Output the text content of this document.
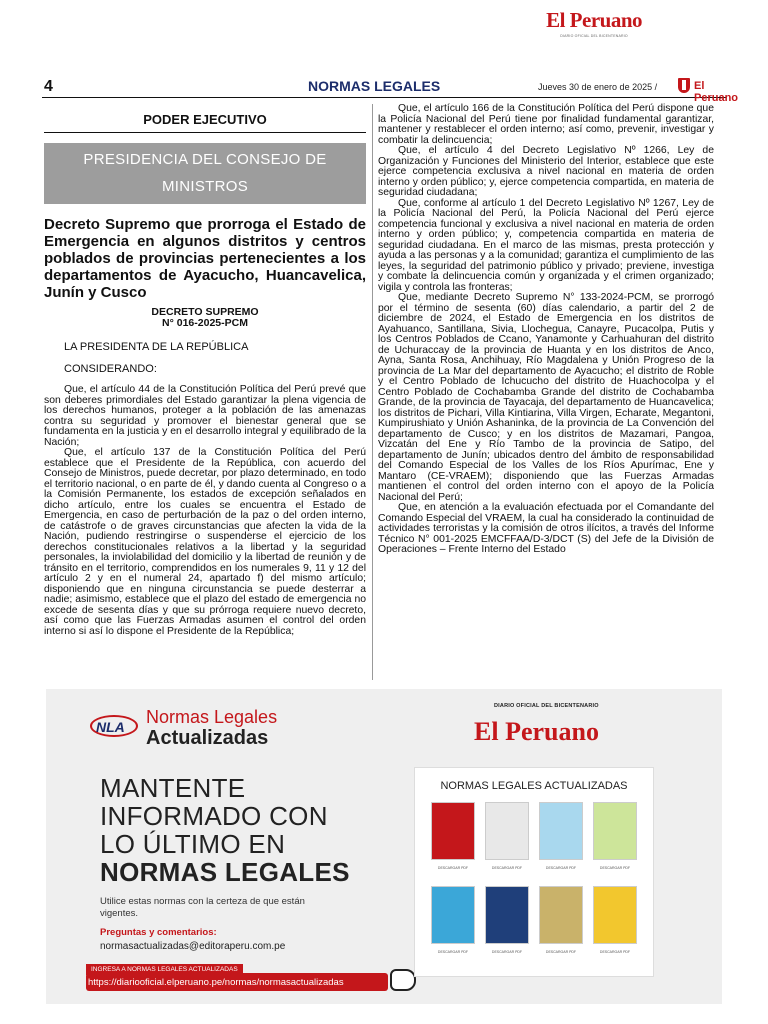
El Peruano
DIARIO OFICIAL DEL BICENTENARIO
4	NORMAS LEGALES	Jueves 30 de enero de 2025 /	El Peruano
PODER EJECUTIVO
PRESIDENCIA DEL CONSEJO DE MINISTROS
Decreto Supremo que prorroga el Estado de Emergencia en algunos distritos y centros poblados de provincias pertenecientes a los departamentos de Ayacucho, Huancavelica, Junín y Cusco
DECRETO SUPREMO
N° 016-2025-PCM
LA PRESIDENTA DE LA REPÚBLICA
CONSIDERANDO:

Que, el artículo 44 de la Constitución Política del Perú prevé que son deberes primordiales del Estado garantizar la plena vigencia de los derechos humanos, proteger a la población de las amenazas contra su seguridad y promover el bienestar general que se fundamenta en la justicia y en el desarrollo integral y equilibrado de la Nación;

Que, el artículo 137 de la Constitución Política del Perú establece que el Presidente de la República, con acuerdo del Consejo de Ministros, puede decretar, por plazo determinado, en todo el territorio nacional, o en parte de él, y dando cuenta al Congreso o a la Comisión Permanente, los estados de excepción señalados en dicho artículo, entre los cuales se encuentra el Estado de Emergencia, en caso de perturbación de la paz o del orden interno, de catástrofe o de graves circunstancias que afecten la vida de la Nación, pudiendo restringirse o suspenderse el ejercicio de los derechos constitucionales relativos a la libertad y la seguridad personales, la inviolabilidad del domicilio y la libertad de reunión y de tránsito en el territorio, comprendidos en los numerales 9, 11 y 12 del artículo 2 y en el numeral 24, apartado f) del mismo artículo; disponiendo que en ninguna circunstancia se puede desterrar a nadie; asimismo, establece que el plazo del estado de emergencia no excede de sesenta días y que su prórroga requiere nuevo decreto, así como que las Fuerzas Armadas asumen el control del orden interno si así lo dispone el Presidente de la República;

Que, el artículo 166 de la Constitución Política del Perú dispone que la Policía Nacional del Perú tiene por finalidad fundamental garantizar, mantener y restablecer el orden interno; así como, prevenir, investigar y combatir la delincuencia;

Que, el artículo 4 del Decreto Legislativo Nº 1266, Ley de Organización y Funciones del Ministerio del Interior, establece que este ejerce competencia exclusiva a nivel nacional en materia de orden interno y orden público; y, ejerce competencia compartida, en materia de seguridad ciudadana;

Que, conforme al artículo 1 del Decreto Legislativo Nº 1267, Ley de la Policía Nacional del Perú, la Policía Nacional del Perú ejerce competencia funcional y exclusiva a nivel nacional en materia de orden interno y orden público; y, competencia compartida en materia de seguridad ciudadana. En el marco de las mismas, presta protección y ayuda a las personas y a la comunidad; garantiza el cumplimiento de las leyes, la seguridad del patrimonio público y privado; previene, investiga y combate la delincuencia común y organizada y el crimen organizado; vigila y controla las fronteras;

Que, mediante Decreto Supremo N° 133-2024-PCM, se prorrogó por el término de sesenta (60) días calendario, a partir del 2 de diciembre de 2024, el Estado de Emergencia en los distritos de Ayahuanco, Santillana, Sivia, Llochegua, Canayre, Pucacolpa, Putis y los Centros Poblados de Ccano, Yanamonte y Carhuahuran del distrito de Uchuraccay de la provincia de Huanta y en los distritos de Anco, Ayna, Santa Rosa, Anchihuay, Río Magdalena y Unión Progreso de la provincia de La Mar del departamento de Ayacucho; el distrito de Roble y el Centro Poblado de Ichucucho del distrito de Huachocolpa y el Centro Poblado de Cochabamba Grande del distrito de Cochabamba Grande, de la provincia de Tayacaja, del departamento de Huancavelica; los distritos de Pichari, Villa Kintiarina, Villa Virgen, Echarate, Megantoni, Kumpirushiato y Unión Ashaninka, de la provincia de La Convención del departamento de Cusco; y en los distritos de Mazamari, Pangoa, Vizcatán del Ene y Río Tambo de la provincia de Satipo, del departamento de Junín; ubicados dentro del ámbito de responsabilidad del Comando Especial de los Valles de los Ríos Apurímac, Ene y Mantaro (CE-VRAEM); disponiendo que las Fuerzas Armadas mantienen el control del orden interno con el apoyo de la Policía Nacional del Perú;

Que, en atención a la evaluación efectuada por el Comandante del Comando Especial del VRAEM, la cual ha considerado la continuidad de actividades terroristas y la comisión de otros ilícitos, a través del Informe Técnico N° 001-2025 EMCFFAA/D-3/DCT (S) del Jefe de la División de Operaciones – Frente Interno del Estado

NLA Normas Legales
Actualizadas
MANTENTE
INFORMADO CON
LO ÚLTIMO EN
NORMAS LEGALES
Utilice estas normas con la certeza de que están vigentes.
Preguntas y comentarios:
normasactualizadas@editoraperu.com.pe
INGRESA A NORMAS LEGALES ACTUALIZADAS
https://diariooficial.elperuano.pe/normas/normasactualizadas
DIARIO OFICIAL DEL BICENTENARIO
El Peruano
NORMAS LEGALES ACTUALIZADAS
DESCARGAR PDF	DESCARGAR PDF	DESCARGAR PDF	DESCARGAR PDF
DESCARGAR PDF	DESCARGAR PDF	DESCARGAR PDF	DESCARGAR PDF
